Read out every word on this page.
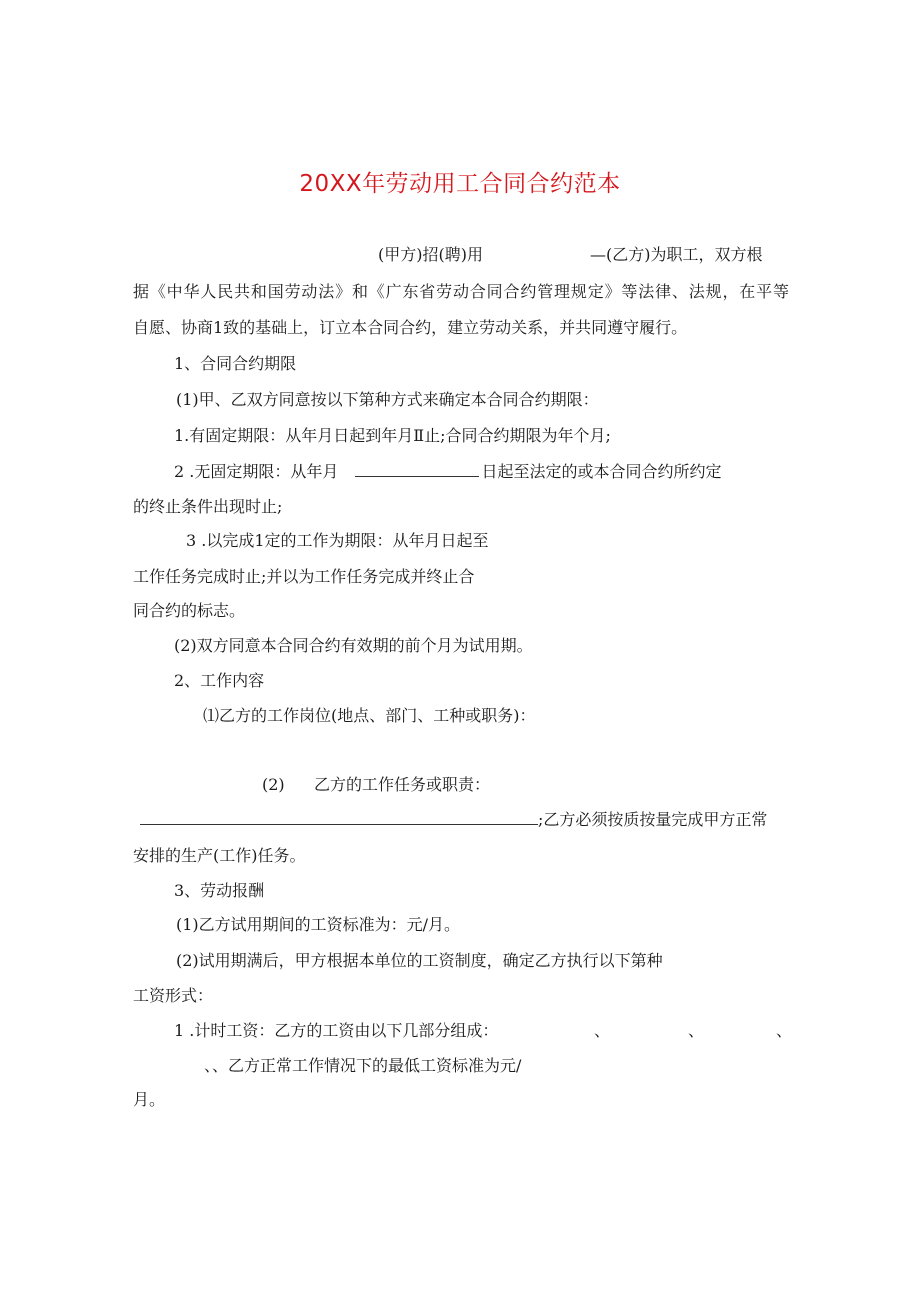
20XX年劳动用工合同合约范本
(甲方)招(聘)用	—(乙方)为职工，双方根
据《中华人民共和国劳动法》和《广东省劳动合同合约管理规定》等法律、法规，在平等
自愿、协商1致的基础上，订立本合同合约，建立劳动关系，并共同遵守履行。
1、合同合约期限
(1)甲、乙双方同意按以下第种方式来确定本合同合约期限：
1.有固定期限：从年月日起到年月Ⅱ止;合同合约期限为年个月;
2 .无固定期限：从年月	日起至法定的或本合同合约所约定
的终止条件出现时止;
3 .以完成1定的工作为期限：从年月日起至
工作任务完成时止;并以为工作任务完成并终止合
同合约的标志。
(2)双方同意本合同合约有效期的前个月为试用期。
2、工作内容
⑴乙方的工作岗位(地点、部门、工种或职务)：
(2) 乙方的工作任务或职责：
;乙方必须按质按量完成甲方正常
安排的生产(工作)任务。
3、劳动报酬
(1)乙方试用期间的工资标准为：元/月。
(2)试用期满后，甲方根据本单位的工资制度，确定乙方执行以下第种
工资形式：
1 .计时工资：乙方的工资由以下几部分组成：	、	、	、
、、乙方正常工作情况下的最低工资标准为元/
月。
